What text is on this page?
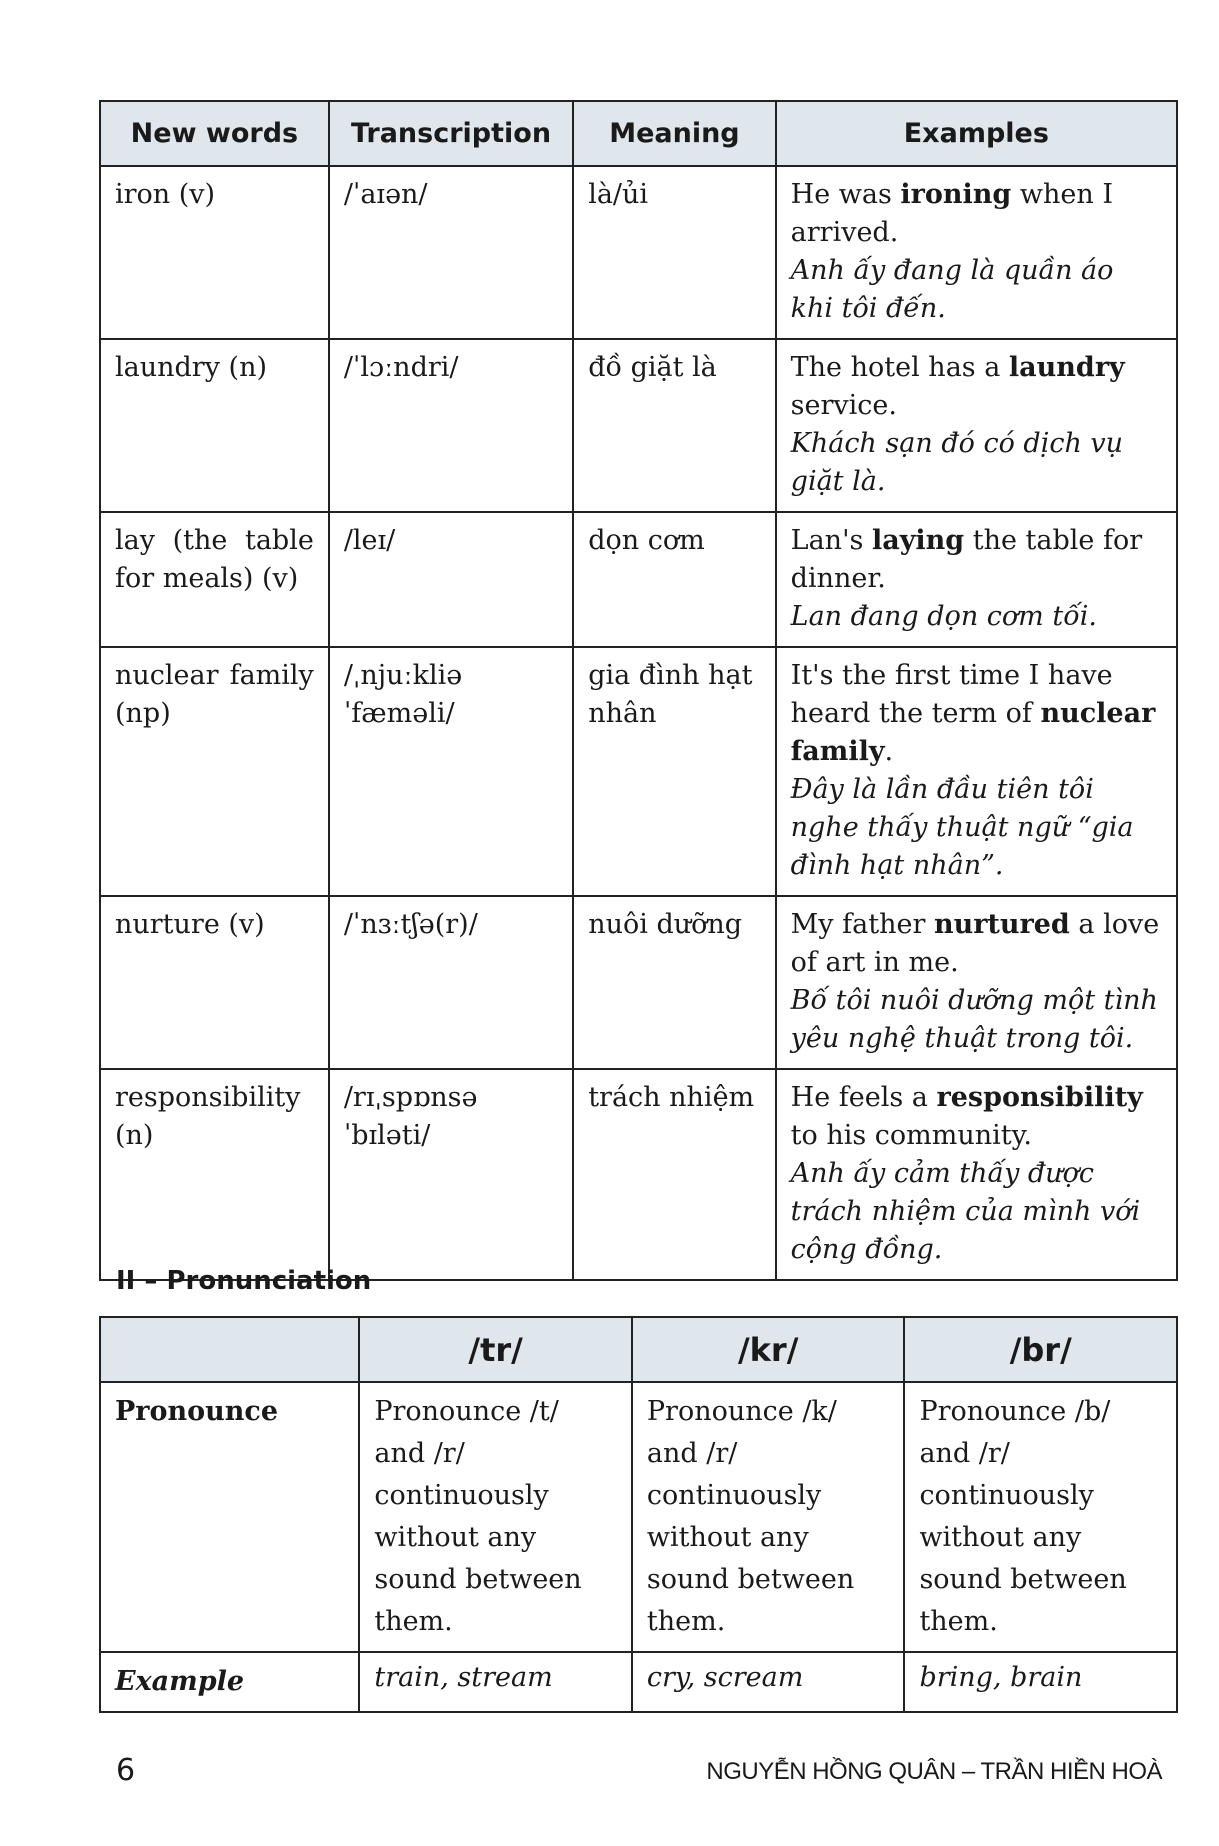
New words	Transcription	Meaning	Examples
iron (v)	/ˈaɪən/	là/ủi	He was ironing when I arrived.
Anh ấy đang là quần áo khi tôi đến.

laundry (n)	/ˈlɔːndri/	đồ giặt là	The hotel has a laundry service.
Khách sạn đó có dịch vụ giặt là.

lay (the table for meals) (v)	/leɪ/	dọn cơm	Lan's laying the table for dinner.
Lan đang dọn cơm tối.

nuclear family (np)	/ˌnjuːkliə ˈfæməli/	gia đình hạt nhân	It's the first time I have heard the term of nuclear family.
Đây là lần đầu tiên tôi nghe thấy thuật ngữ “gia đình hạt nhân”.

nurture (v)	/ˈnɜːtʃə(r)/	nuôi dưỡng	My father nurtured a love of art in me.
Bố tôi nuôi dưỡng một tình yêu nghệ thuật trong tôi.

responsibility (n)	/rɪˌspɒnsəˈbɪləti/	trách nhiệm	He feels a responsibility to his community.
Anh ấy cảm thấy được trách nhiệm của mình với cộng đồng.
II – Pronunciation
	/tr/	/kr/	/br/
Pronounce	Pronounce /t/ and /r/ continuously without any sound between them.	Pronounce /k/ and /r/ continuously without any sound between them.	Pronounce /b/ and /r/ continuously without any sound between them.
Example	train, stream	cry, scream	bring, brain
6	NGUYỄN HỒNG QUÂN – TRẦN HIỀN HOÀ
